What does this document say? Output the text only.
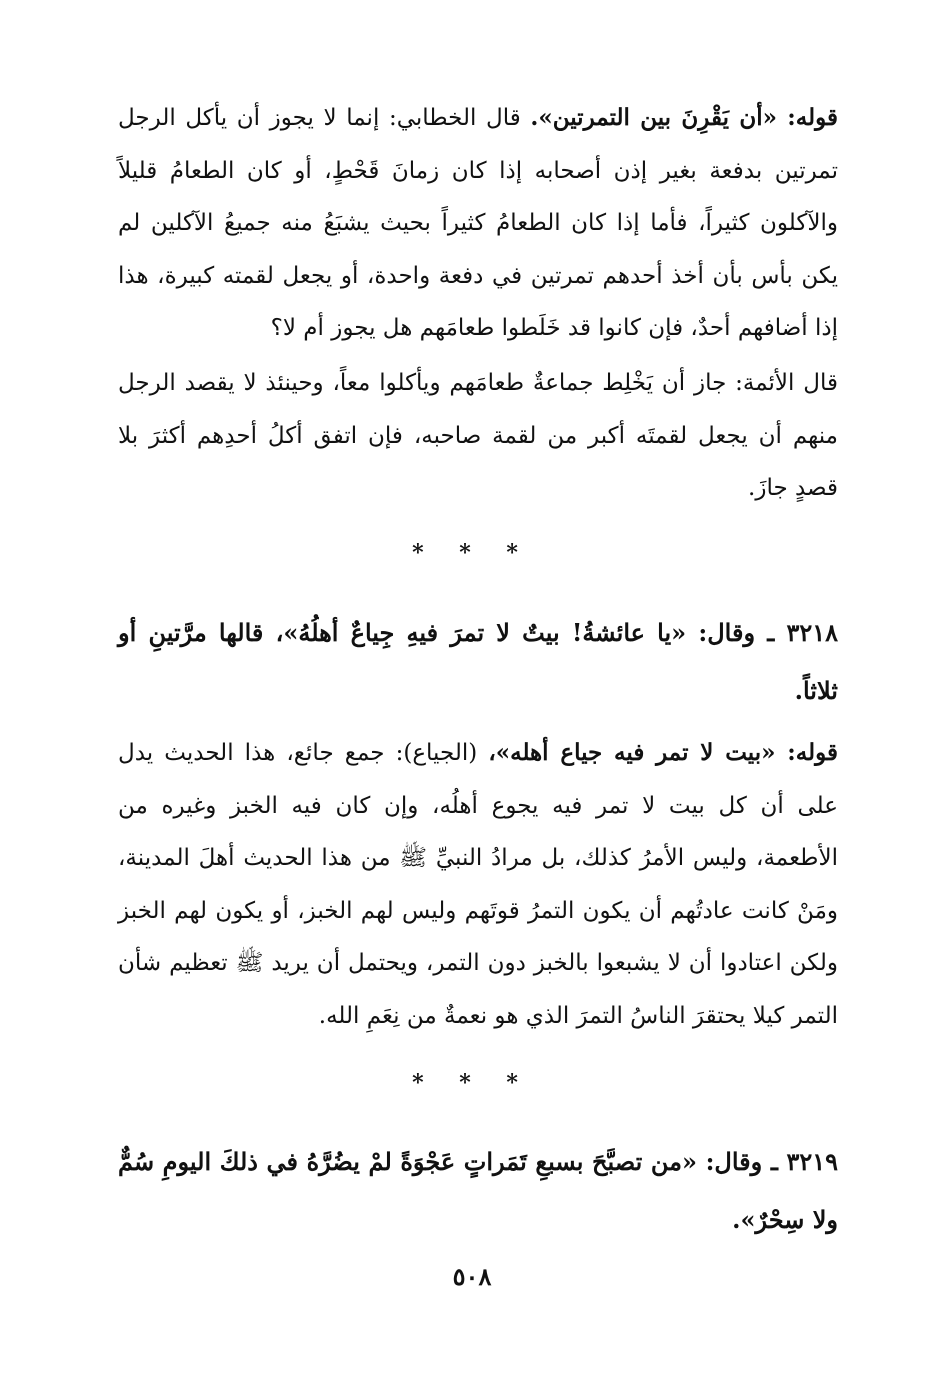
قوله: «أن يَقْرِنَ بين التمرتين». قال الخطابي: إنما لا يجوز أن يأكل الرجل تمرتين بدفعة بغير إذن أصحابه إذا كان زمانَ قَحْطٍ، أو كان الطعامُ قليلاً والآكلون كثيراً، فأما إذا كان الطعامُ كثيراً بحيث يشبَعُ منه جميعُ الآكلين لم يكن بأس بأن أخذ أحدهم تمرتين في دفعة واحدة، أو يجعل لقمته كبيرة، هذا إذا أضافهم أحدٌ، فإن كانوا قد خَلَطوا طعامَهم هل يجوز أم لا؟

قال الأئمة: جاز أن يَخْلِط جماعةٌ طعامَهم ويأكلوا معاً، وحينئذ لا يقصد الرجل منهم أن يجعل لقمتَه أكبر من لقمة صاحبه، فإن اتفق أكلُ أحدِهم أكثرَ بلا قصدٍ جازَ.

* * *

٣٢١٨ ـ وقال: «يا عائشةُ! بيتٌ لا تمرَ فيهِ جِياعٌ أهلُهُ»، قالها مرَّتينِ أو ثلاثاً.

قوله: «بيت لا تمر فيه جياع أهله»، (الجياع): جمع جائع، هذا الحديث يدل على أن كل بيت لا تمر فيه يجوع أهلُه، وإن كان فيه الخبز وغيره من الأطعمة، وليس الأمرُ كذلك، بل مرادُ النبيِّ ﷺ من هذا الحديث أهلَ المدينة، ومَنْ كانت عادتُهم أن يكون التمرُ قوتَهم وليس لهم الخبز، أو يكون لهم الخبز ولكن اعتادوا أن لا يشبعوا بالخبز دون التمر، ويحتمل أن يريد ﷺ تعظيم شأن التمر كيلا يحتقرَ الناسُ التمرَ الذي هو نعمةٌ من نِعَمِ الله.

* * *

٣٢١٩ ـ وقال: «من تصبَّحَ بسبعِ تَمَراتٍ عَجْوَةً لمْ يضُرَّهُ في ذلكَ اليومِ سُمٌّ ولا سِحْرٌ».

٥٠٨
